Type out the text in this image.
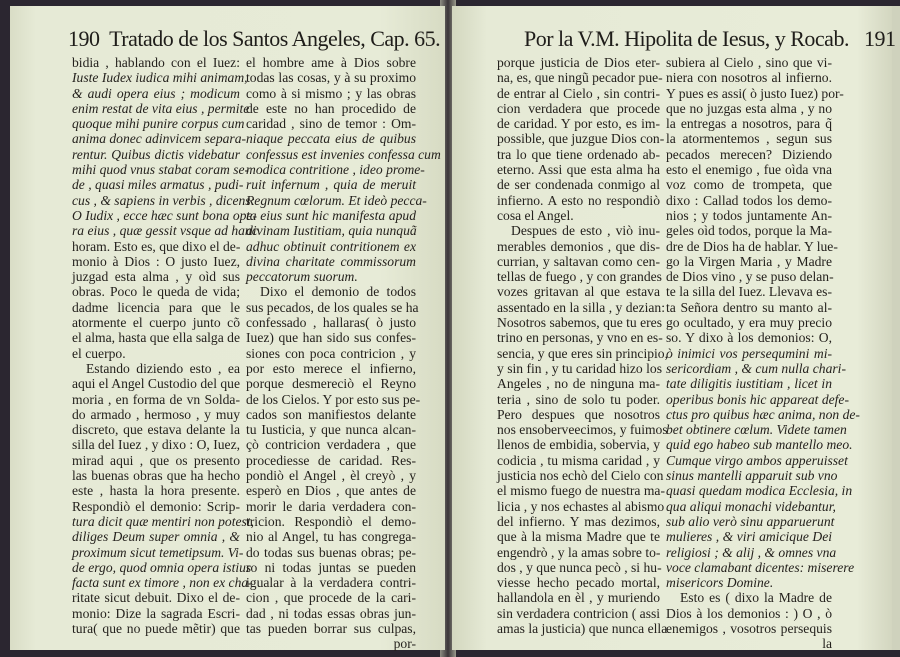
190 Tratado de los Santos Angeles, Cap. 65.
bidia , hablando con el Iuez:
Iuste Iudex iudica mihi animam,
& audi opera eius ; modicum
enim restat de vita eius , permite
quoque mihi punire corpus cum
anima donec adinvicem separa-
rentur. Quibus dictis videbatur
mihi quod vnus stabat coram se-
de , quasi miles armatus , pudi-
cus , & sapiens in verbis , dicens:
O Iudix , ecce hæc sunt bona ope-
ra eius , quæ gessit vsque ad hanc
horam. Esto es, que dixo el de-
monio à Dios : O justo Iuez,
juzgad esta alma , y oìd sus
obras. Poco le queda de vida;
dadme licencia para que le
atormente el cuerpo junto cõ
el alma, hasta que ella salga de
el cuerpo.
Estando diziendo esto , ea
aqui el Angel Custodio del que
moria , en forma de vn Solda-
do armado , hermoso , y muy
discreto, que estava delante la
silla del Iuez , y dixo : O, Iuez,
mirad aqui , que os presento
las buenas obras que ha hecho
este , hasta la hora presente.
Respondiò el demonio: Scrip-
tura dicit quæ mentiri non potest,
diliges Deum super omnia , &
proximum sicut temetipsum. Vi-
de ergo, quod omnia opera istius
facta sunt ex timore , non ex cha-
ritate sicut debuit. Dixo el de-
monio: Dize la sagrada Escri-
tura( que no puede mẽtir) que
el hombre ame à Dios sobre
todas las cosas, y à su proximo
como à si mismo ; y las obras
de este no han procedido de
caridad , sino de temor : Om-
niaque peccata eius de quibus
confessus est invenies confessa cum
modica contritione , ideo prome-
ruit infernum , quia de meruit
Regnum cœlorum. Et ideò pecca-
ta eius sunt hic manifesta apud
divinam Iustitiam, quia nunquã
adhuc obtinuit contritionem ex
divina charitate commissorum
peccatorum suorum.
Dixo el demonio de todos
sus pecados, de los quales se ha
confessado , hallaras( ò justo
Iuez) que han sido sus confes-
siones con poca contricion , y
por esto merece el infierno,
porque desmereciò el Reyno
de los Cielos. Y por esto sus pe-
cados son manifiestos delante
tu Iusticia, y que nunca alcan-
çò contricion verdadera , que
procediesse de caridad. Res-
pondiò el Angel , èl creyò , y
esperò en Dios , que antes de
morir le daria verdadera con-
tricion. Respondiò el demo-
nio al Angel, tu has congrega-
do todas sus buenas obras; pe-
ro ni todas juntas se pueden
igualar à la verdadera contri-
cion , que procede de la cari-
dad , ni todas essas obras jun-
tas pueden borrar sus culpas,
por-
Por la V.M. Hipolita de Iesus, y Rocab. 191
porque justicia de Dios eter-
na, es, que ningũ pecador pue-
de entrar al Cielo , sin contri-
cion verdadera que procede
de caridad. Y por esto, es im-
possible, que juzgue Dios con-
tra lo que tiene ordenado ab-
eterno. Assi que esta alma ha
de ser condenada conmigo al
infierno. A esto no respondiò
cosa el Angel.
Despues de esto , viò inu-
merables demonios , que dis-
currian, y saltavan como cen-
tellas de fuego , y con grandes
vozes gritavan al que estava
assentado en la silla , y dezian:
Nosotros sabemos, que tu eres
trino en personas, y vno en es-
sencia, y que eres sin principio,
y sin fin , y tu caridad hizo los
Angeles , no de ninguna ma-
teria , sino de solo tu poder.
Pero despues que nosotros
nos ensoberveecimos, y fuimos
llenos de embidia, sobervia, y
codicia , tu misma caridad , y
justicia nos echò del Cielo con
el mismo fuego de nuestra ma-
licia , y nos echastes al abismo
del infierno. Y mas dezimos,
que à la misma Madre que te
engendrò , y la amas sobre to-
dos , y que nunca pecò , si hu-
viesse hecho pecado mortal,
hallandola en èl , y muriendo
sin verdadera contricion ( assi
amas la justicia) que nunca ella
subiera al Cielo , sino que vi-
niera con nosotros al infierno.
Y pues es assi( ò justo Iuez) por-
que no juzgas esta alma , y no
la entregas a nosotros, para q̃
la atormentemos , segun sus
pecados merecen? Diziendo
esto el enemigo , fue oìda vna
voz como de trompeta, que
dixo : Callad todos los demo-
nios ; y todos juntamente An-
geles oìd todos, porque la Ma-
dre de Dios ha de hablar. Y lue-
go la Virgen Maria , y Madre
de Dios vino , y se puso delan-
te la silla del Iuez. Llevava es-
ta Señora dentro su manto al-
go ocultado, y era muy precio
so. Y dixo à los demonios: O,
ò inimici vos persequmini mi-
sericordiam , & cum nulla chari-
tate diligitis iustitiam , licet in
operibus bonis hic appareat defe-
ctus pro quibus hæc anima, non de-
bet obtinere cœlum. Videte tamen
quid ego habeo sub mantello meo.
Cumque virgo ambos apperuisset
sinus mantelli apparuit sub vno
quasi quedam modica Ecclesia, in
qua aliqui monachi videbantur,
sub alio verò sinu apparuerunt
mulieres , & viri amicique Dei
religiosi ; & alij , & omnes vna
voce clamabant dicentes: miserere
misericors Domine.
Esto es ( dixo la Madre de
Dios à los demonios : ) O , ò
enemigos , vosotros persequis
la
